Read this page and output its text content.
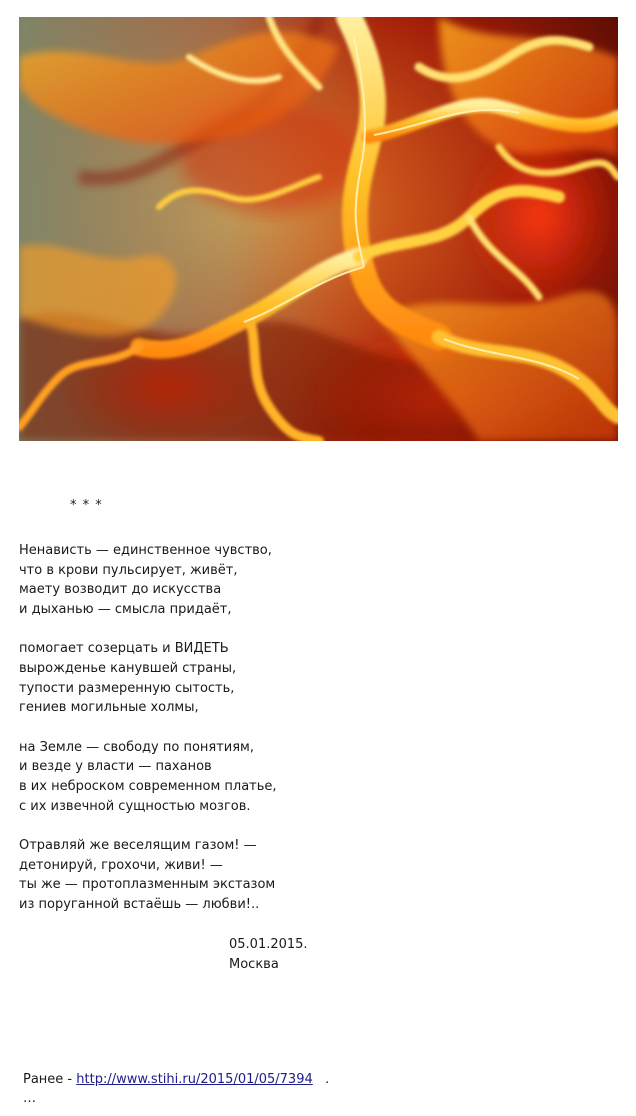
* * *
Ненависть — единственное чувство,
что в крови пульсирует, живёт,
маету возводит до искусства
и дыханью — смысла придаёт,
помогает созерцать и ВИДЕТЬ
вырожденье канувшей страны,
тупости размеренную сытость,
гениев могильные холмы,
на Земле — свободу по понятиям,
и везде у власти — паханов
в их неброском современном платье,
с их извечной сущностью мозгов.
Отравляй же веселящим газом! —
детонируй, грохочи, живи! —
ты же — протоплазменным экстазом
из поруганной встаёшь — любви!..
05.01.2015.
Москва
Ранее - http://www.stihi.ru/2015/01/05/7394 .
…
